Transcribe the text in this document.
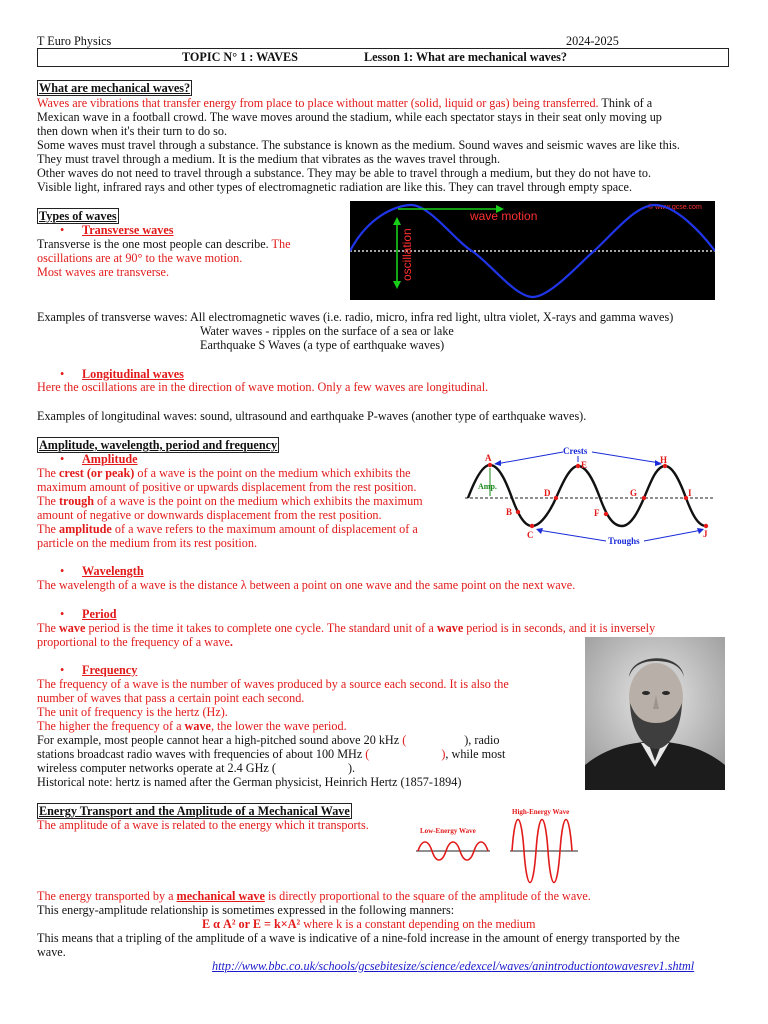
T Euro Physics	2024-2025
TOPIC N° 1 : WAVES	Lesson 1: What are mechanical waves?
What are mechanical waves?
Waves are vibrations that transfer energy from place to place without matter (solid, liquid or gas) being transferred. Think of a
Mexican wave in a football crowd. The wave moves around the stadium, while each spectator stays in their seat only moving up
then down when it's their turn to do so.
Some waves must travel through a substance. The substance is known as the medium. Sound waves and seismic waves are like this.
They must travel through a medium. It is the medium that vibrates as the waves travel through.
Other waves do not need to travel through a substance. They may be able to travel through a medium, but they do not have to.
Visible light, infrared rays and other types of electromagnetic radiation are like this. They can travel through empty space.
Types of waves
• Transverse waves
Transverse is the one most people can describe. The
oscillations are at 90° to the wave motion.
Most waves are transverse.
© www.gcse.com
wave motion
oscillation
Examples of transverse waves: All electromagnetic waves (i.e. radio, micro, infra red light, ultra violet, X-rays and gamma waves)
Water waves - ripples on the surface of a sea or lake
Earthquake S Waves (a type of earthquake waves)
• Longitudinal waves
Here the oscillations are in the direction of wave motion. Only a few waves are longitudinal.
Examples of longitudinal waves: sound, ultrasound and earthquake P-waves (another type of earthquake waves).
Amplitude, wavelength, period and frequency
• Amplitude
The crest (or peak) of a wave is the point on the medium which exhibits the
maximum amount of positive or upwards displacement from the rest position.
The trough of a wave is the point on the medium which exhibits the maximum
amount of negative or downwards displacement from the rest position.
The amplitude of a wave refers to the maximum amount of displacement of a
particle on the medium from its rest position.
Amp.
Crests
Troughs
A
B
C
D
E
F
G
H
I
J
• Wavelength
The wavelength of a wave is the distance λ between a point on one wave and the same point on the next wave.
• Period
The wave period is the time it takes to complete one cycle. The standard unit of a wave period is in seconds, and it is inversely
proportional to the frequency of a wave.
• Frequency
The frequency of a wave is the number of waves produced by a source each second. It is also the
number of waves that pass a certain point each second.
The unit of frequency is the hertz (Hz).
The higher the frequency of a wave, the lower the wave period.
For example, most people cannot hear a high-pitched sound above 20 kHz (	), radio
stations broadcast radio waves with frequencies of about 100 MHz (	), while most
wireless computer networks operate at 2.4 GHz (	).
Historical note: hertz is named after the German physicist, Heinrich Hertz (1857-1894)
Energy Transport and the Amplitude of a Mechanical Wave
The amplitude of a wave is related to the energy which it transports.	Low-Energy Wave
High-Energy Wave
The energy transported by a mechanical wave is directly proportional to the square of the amplitude of the wave.
This energy-amplitude relationship is sometimes expressed in the following manners:
E α A² or E = k×A² where k is a constant depending on the medium
This means that a tripling of the amplitude of a wave is indicative of a nine-fold increase in the amount of energy transported by the
wave.
http://www.bbc.co.uk/schools/gcsebitesize/science/edexcel/waves/anintroductiontowavesrev1.shtml
